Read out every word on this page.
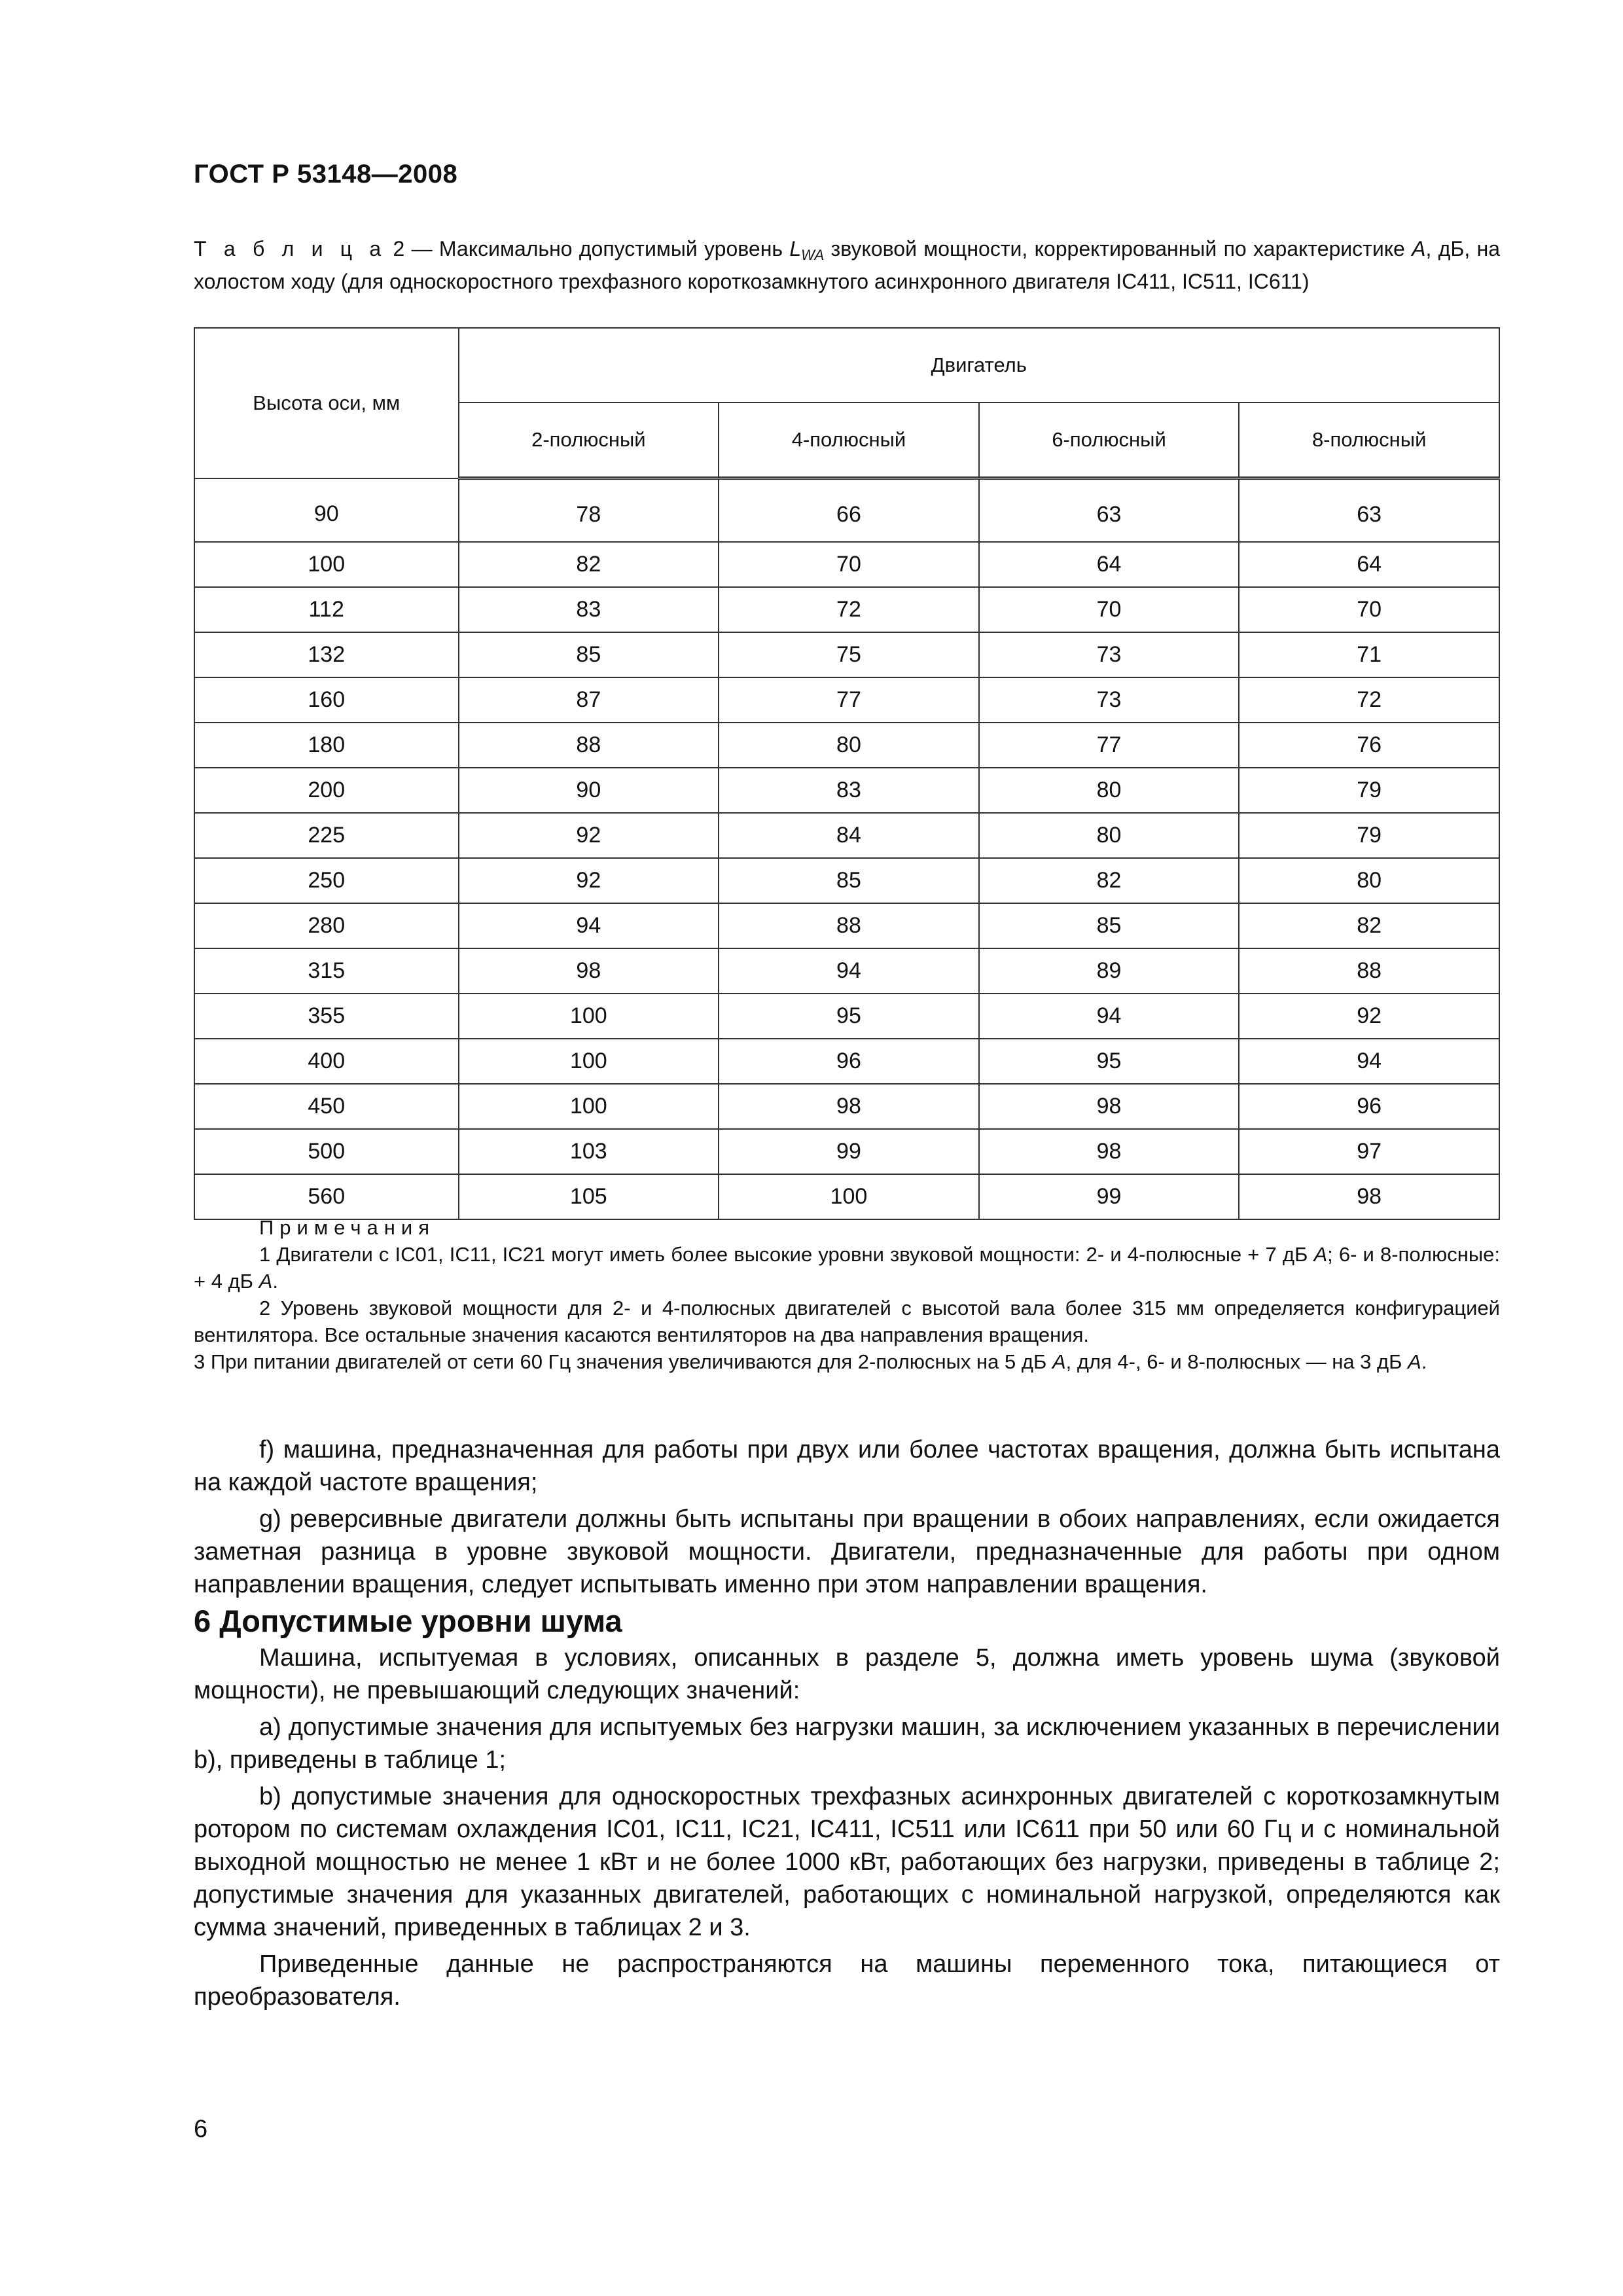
ГОСТ Р 53148—2008
Т а б л и ц а 2 — Максимально допустимый уровень $L_{WA}$ звуковой мощности, корректированный по характеристике А, дБ, на холостом ходу (для односкоростного трехфазного короткозамкнутого асинхронного двигателя IC411, IC511, IC611)
Высота оси, мм	Двигатель			
	2-полюсный	4-полюсный	6-полюсный	8-полюсный
90	78	66	63	63
100	82	70	64	64
112	83	72	70	70
132	85	75	73	71
160	87	77	73	72
180	88	80	77	76
200	90	83	80	79
225	92	84	80	79
250	92	85	82	80
280	94	88	85	82
315	98	94	89	88
355	100	95	94	92
400	100	96	95	94
450	100	98	98	96
500	103	99	98	97
560	105	100	99	98

Примечания

1 Двигатели с IC01, IC11, IC21 могут иметь более высокие уровни звуковой мощности: 2- и 4-полюсные + 7 дБ А; 6- и 8-полюсные: + 4 дБ А.

2 Уровень звуковой мощности для 2- и 4-полюсных двигателей с высотой вала более 315 мм определяется конфигурацией вентилятора. Все остальные значения касаются вентиляторов на два направления вращения.

3 При питании двигателей от сети 60 Гц значения увеличиваются для 2-полюсных на 5 дБ А, для 4-, 6- и 8-полюсных — на 3 дБ А.

f) машина, предназначенная для работы при двух или более частотах вращения, должна быть испытана на каждой частоте вращения;

g) реверсивные двигатели должны быть испытаны при вращении в обоих направлениях, если ожидается заметная разница в уровне звуковой мощности. Двигатели, предназначенные для работы при одном направлении вращения, следует испытывать именно при этом направлении вращения.

6 Допустимые уровни шума

Машина, испытуемая в условиях, описанных в разделе 5, должна иметь уровень шума (звуковой мощности), не превышающий следующих значений:

a) допустимые значения для испытуемых без нагрузки машин, за исключением указанных в перечислении b), приведены в таблице 1;

b) допустимые значения для односкоростных трехфазных асинхронных двигателей с короткозамкнутым ротором по системам охлаждения IC01, IC11, IC21, IC411, IC511 или IC611 при 50 или 60 Гц и с номинальной выходной мощностью не менее 1 кВт и не более 1000 кВт, работающих без нагрузки, приведены в таблице 2; допустимые значения для указанных двигателей, работающих с номинальной нагрузкой, определяются как сумма значений, приведенных в таблицах 2 и 3.

Приведенные данные не распространяются на машины переменного тока, питающиеся от преобразователя.

6
